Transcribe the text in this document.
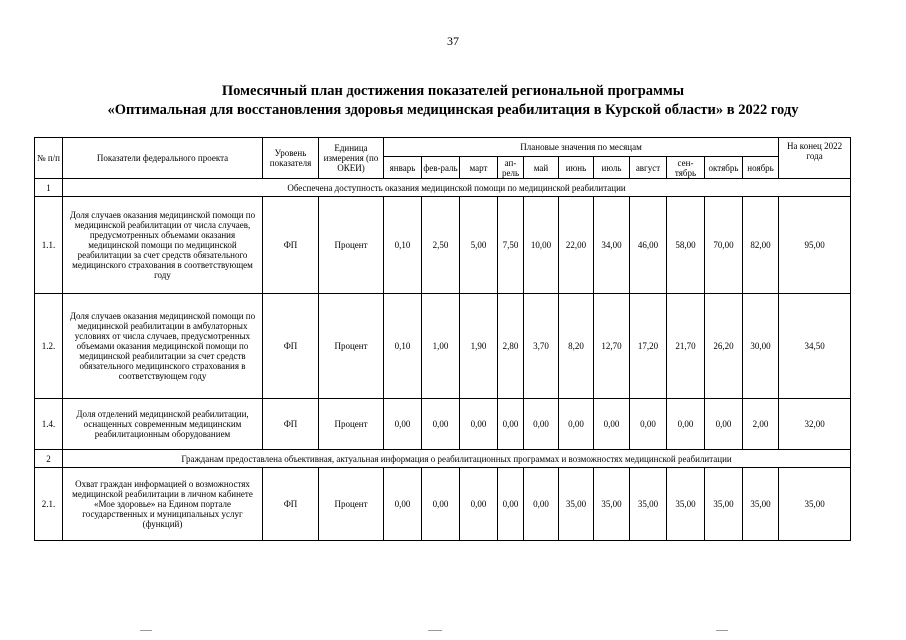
37
Помесячный план достижения показателей региональной программы
«Оптимальная для восстановления здоровья медицинская реабилитация в Курской области» в 2022 году
№ п/п	Показатели федерального проекта	Уровень показателя	Единица измерения (по ОКЕИ)	Плановые значения по месяцам											На конец 2022 года
				январь	фев-раль	март	ап-рель	май	июнь	июль	август	сен-тябрь	октябрь	ноябрь	
1	Обеспечена доступность оказания медицинской помощи по медицинской реабилитации														
1.1.	Доля случаев оказания медицинской помощи по медицинской реабилитации от числа случаев, предусмотренных объемами оказания медицинской помощи по медицинской реабилитации за счет средств обязательного медицинского страхования в соответствующем году	ФП	Процент	0,10	2,50	5,00	7,50	10,00	22,00	34,00	46,00	58,00	70,00	82,00	95,00
1.2.	Доля случаев оказания медицинской помощи по медицинской реабилитации в амбулаторных условиях от числа случаев, предусмотренных объемами оказания медицинской помощи по медицинской реабилитации за счет средств обязательного медицинского страхования в соответствующем году	ФП	Процент	0,10	1,00	1,90	2,80	3,70	8,20	12,70	17,20	21,70	26,20	30,00	34,50
1.4.	Доля отделений медицинской реабилитации, оснащенных современным медицинским реабилитационным оборудованием	ФП	Процент	0,00	0,00	0,00	0,00	0,00	0,00	0,00	0,00	0,00	0,00	2,00	32,00
2	Гражданам предоставлена объективная, актуальная информация о реабилитационных программах и возможностях медицинской реабилитации														
2.1.	Охват граждан информацией о возможностях медицинской реабилитации в личном кабинете «Мое здоровье» на Едином портале государственных и муниципальных услуг (функций)	ФП	Процент	0,00	0,00	0,00	0,00	0,00	35,00	35,00	35,00	35,00	35,00	35,00	35,00
